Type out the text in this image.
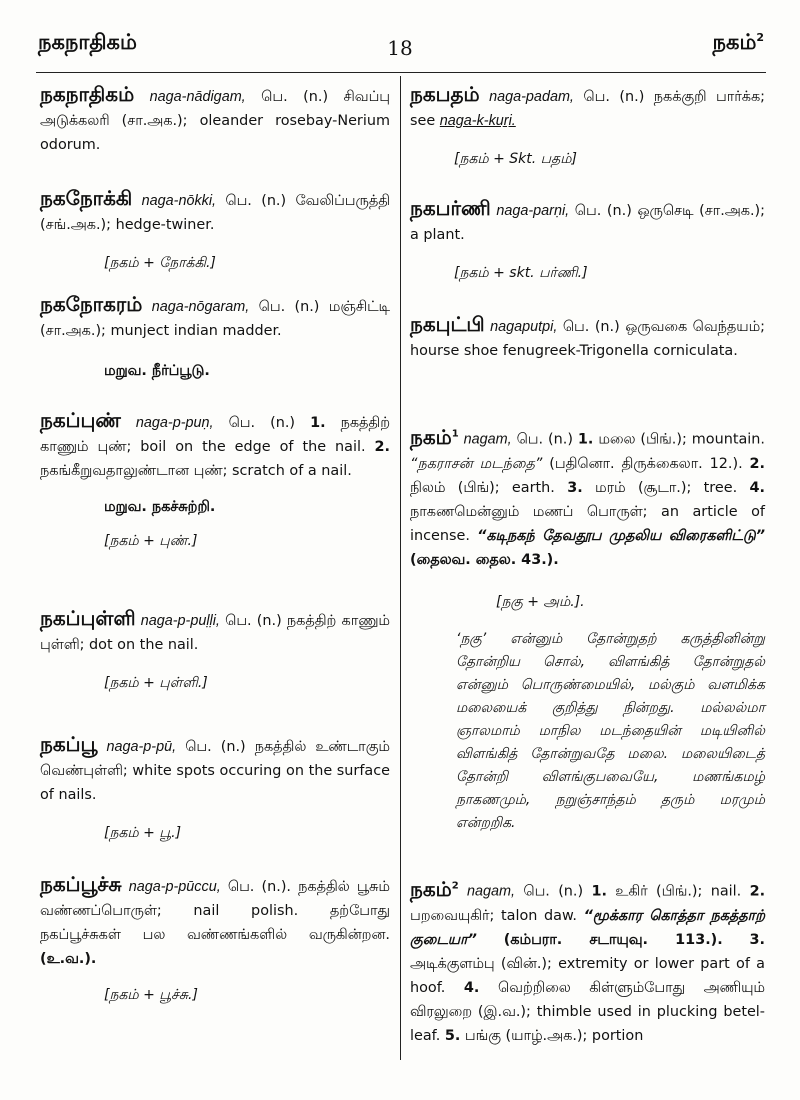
நகநாதிகம்	18	நகம்$^2$

நகநாதிகம் naga-nādigam, பெ. (n.) சிவப்பு அடுக்கலரி (சா.அக.); oleander rosebay-Nerium odorum.

நகநோக்கி naga-nōkki, பெ. (n.) வேலிப்பருத்தி (சங்.அக.); hedge-twiner.

[நகம் + நோக்கி.]

நகநோகரம் naga-nōgaram, பெ. (n.) மஞ்சிட்டி (சா.அக.); munject indian madder.

மறுவ. நீர்ப்பூடு.

நகப்புண் naga-p-puṇ, பெ. (n.) 1. நகத்திற் காணும் புண்; boil on the edge of the nail. 2. நகங்கீறுவதாலுண்டான புண்; scratch of a nail.

மறுவ. நகச்சுற்றி.

[நகம் + புண்.]

நகப்புள்ளி naga-p-puḷḷi, பெ. (n.) நகத்திற் காணும் புள்ளி; dot on the nail.

[நகம் + புள்ளி.]

நகப்பூ naga-p-pū, பெ. (n.) நகத்தில் உண்டாகும் வெண்புள்ளி; white spots occuring on the surface of nails.

[நகம் + பூ.]

நகப்பூச்சு naga-p-pūccu, பெ. (n.). நகத்தில் பூசும் வண்ணப்பொருள்; nail polish. தற்போது நகப்பூச்சுகள் பல வண்ணங்களில் வருகின்றன. (உ.வ.).

[நகம் + பூச்சு.]

நகபதம் naga-padam, பெ. (n.) நகக்குறி பார்க்க; see naga-k-kuṟi.

[நகம் + Skt. பதம்]

நகபர்ணி naga-parṇi, பெ. (n.) ஒருசெடி (சா.அக.); a plant.

[நகம் + skt. பர்ணி.]

நகபுட்பி nagaputpi, பெ. (n.) ஒருவகை வெந்தயம்; hourse shoe fenugreek-Trigonella corniculata.

நகம்$^1$ nagam, பெ. (n.) 1. மலை (பிங்.); mountain. “நகராசன் மடந்தை” (பதினொ. திருக்கைலா. 12.). 2. நிலம் (பிங்); earth. 3. மரம் (சூடா.); tree. 4. நாகணமென்னும் மணப் பொருள்; an article of incense. “கடிநகந் தேவதூப முதலிய விரைகளிட்டு” (தைலவ. தைல. 43.).

[நகு + அம்.].

‘நகு’ என்னும் தோன்றுதற் கருத்தினின்று தோன்றிய சொல், விளங்கித் தோன்றுதல் என்னும் பொருண்மையில், மல்கும் வளமிக்க மலையைக் குறித்து நின்றது. மல்லல்மா ஞாலமாம் மாநில மடந்தையின் மடியினில் விளங்கித் தோன்றுவதே மலை. மலையிடைத் தோன்றி விளங்குபவையே, மணங்கமழ் நாகணமும், நறுஞ்சாந்தம் தரும் மரமும் என்றறிக.

நகம்$^2$ nagam, பெ. (n.) 1. உகிர் (பிங்.); nail. 2. பறவையுகிர்; talon daw. “மூக்கார கொத்தா நகத்தாற் குடையா” (கம்பரா. சடாயுவு. 113.). 3. அடிக்குளம்பு (வின்.); extremity or lower part of a hoof. 4. வெற்றிலை கிள்ளும்போது அணியும் விரலுறை (இ.வ.); thimble used in plucking betel-leaf. 5. பங்கு (யாழ்.அக.); portion
